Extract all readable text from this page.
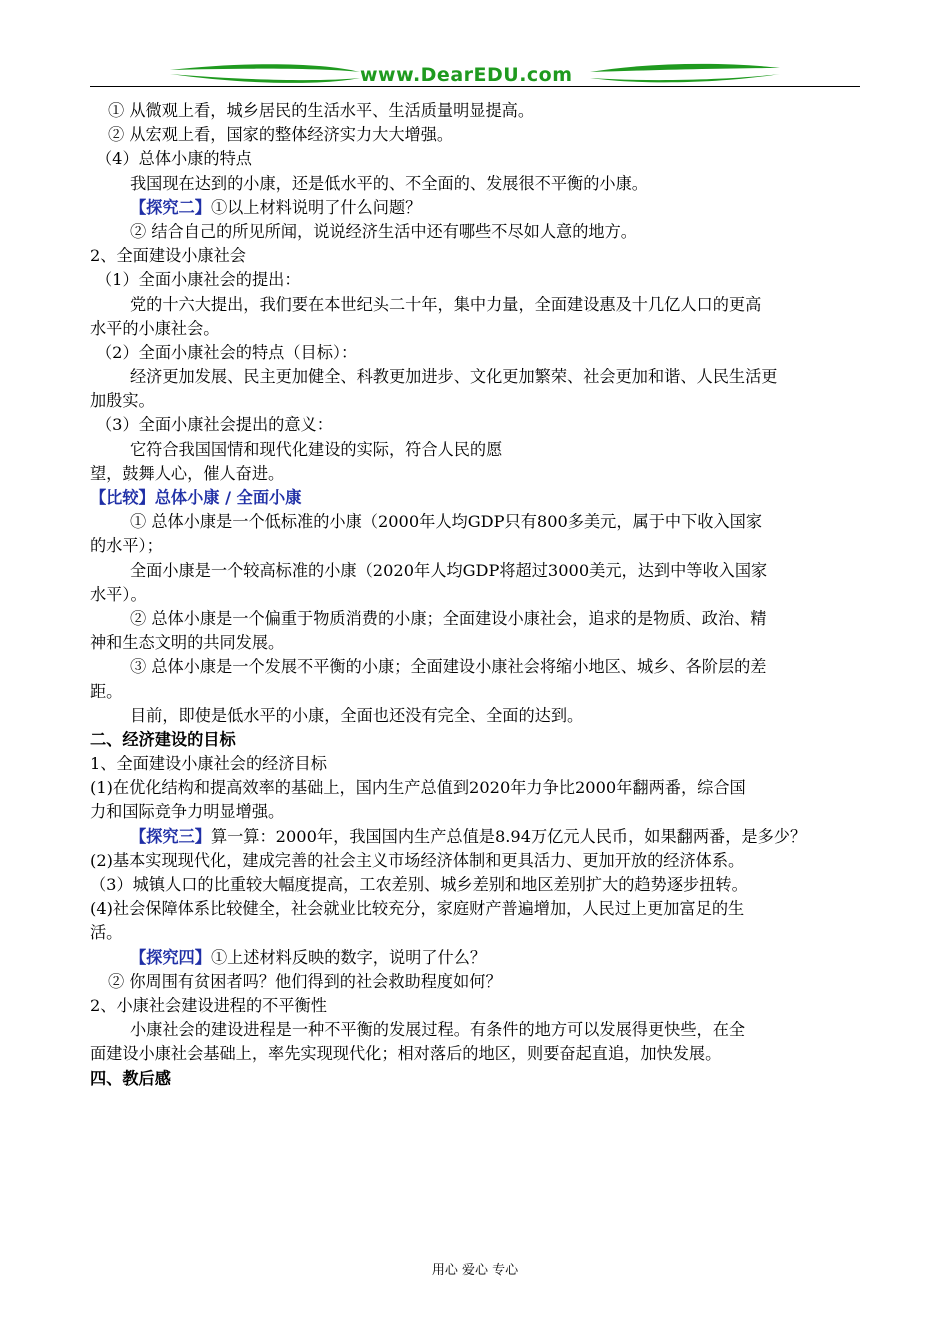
www.DearEDU.com
① 从微观上看，城乡居民的生活水平、生活质量明显提高。
② 从宏观上看，国家的整体经济实力大大增强。
（4）总体小康的特点
我国现在达到的小康，还是低水平的、不全面的、发展很不平衡的小康。
【探究二】①以上材料说明了什么问题？
② 结合自己的所见所闻，说说经济生活中还有哪些不尽如人意的地方。
2、全面建设小康社会
（1）全面小康社会的提出：
党的十六大提出，我们要在本世纪头二十年，集中力量，全面建设惠及十几亿人口的更高
水平的小康社会。
（2）全面小康社会的特点（目标）：
经济更加发展、民主更加健全、科教更加进步、文化更加繁荣、社会更加和谐、人民生活更
加殷实。
（3）全面小康社会提出的意义：
它符合我国国情和现代化建设的实际，符合人民的愿
望，鼓舞人心，催人奋进。
【比较】总体小康 / 全面小康
① 总体小康是一个低标准的小康（2000年人均GDP只有800多美元，属于中下收入国家
的水平）；
全面小康是一个较高标准的小康（2020年人均GDP将超过3000美元，达到中等收入国家
水平）。
② 总体小康是一个偏重于物质消费的小康；全面建设小康社会，追求的是物质、政治、精
神和生态文明的共同发展。
③ 总体小康是一个发展不平衡的小康；全面建设小康社会将缩小地区、城乡、各阶层的差
距。
目前，即使是低水平的小康，全面也还没有完全、全面的达到。
二、经济建设的目标
1、全面建设小康社会的经济目标
(1)在优化结构和提高效率的基础上，国内生产总值到2020年力争比2000年翻两番，综合国
力和国际竞争力明显增强。
【探究三】算一算：2000年，我国国内生产总值是8.94万亿元人民币，如果翻两番，是多少？
(2)基本实现现代化，建成完善的社会主义市场经济体制和更具活力、更加开放的经济体系。
（3）城镇人口的比重较大幅度提高，工农差别、城乡差别和地区差别扩大的趋势逐步扭转。
(4)社会保障体系比较健全，社会就业比较充分，家庭财产普遍增加，人民过上更加富足的生
活。
【探究四】①上述材料反映的数字，说明了什么？
② 你周围有贫困者吗？他们得到的社会救助程度如何？
2、小康社会建设进程的不平衡性
小康社会的建设进程是一种不平衡的发展过程。有条件的地方可以发展得更快些，在全
面建设小康社会基础上，率先实现现代化；相对落后的地区，则要奋起直追，加快发展。
四、教后感
用心 爱心 专心
